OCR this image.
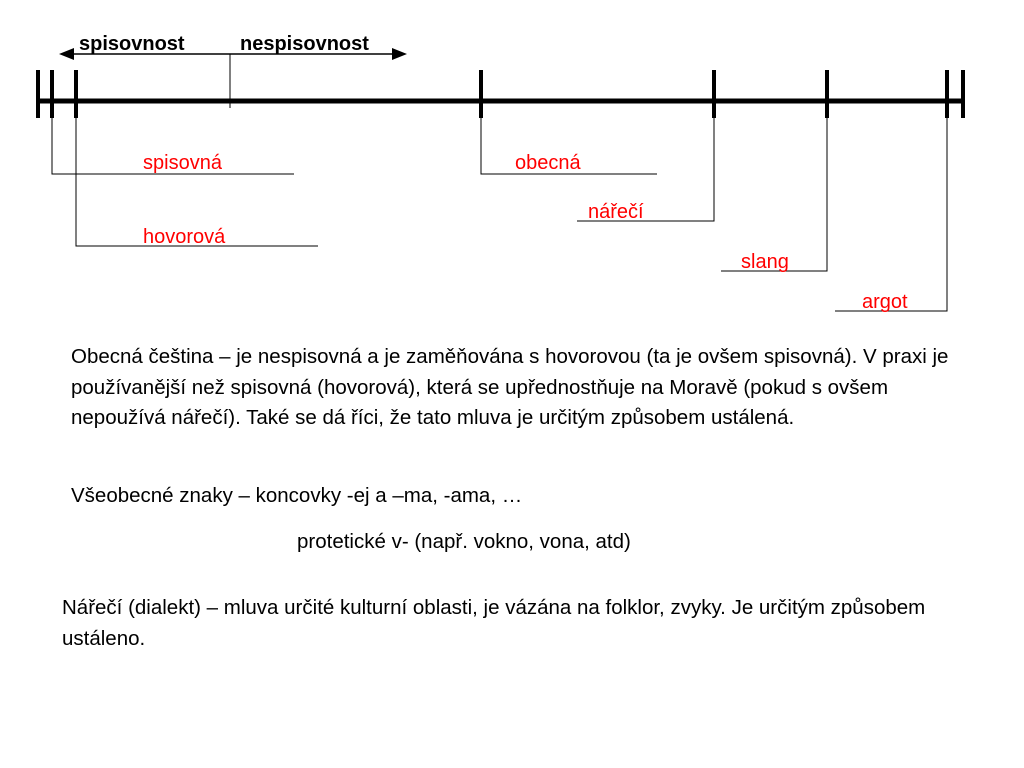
spisovnost	nespisovnost
spisovná
hovorová
obecná
nářečí
slang
argot

Obecná čeština – je nespisovná a je zaměňována s hovorovou (ta je ovšem spisovná). V praxi je používanější než spisovná (hovorová), která se upřednostňuje na Moravě (pokud s ovšem nepoužívá nářečí). Také se dá říci, že tato mluva je určitým způsobem ustálená.

Všeobecné znaky – koncovky -ej a –ma, -ama, …

protetické v- (např. vokno, vona, atd)

Nářečí (dialekt) – mluva určité kulturní oblasti, je vázána na folklor, zvyky. Je určitým způsobem ustáleno.
